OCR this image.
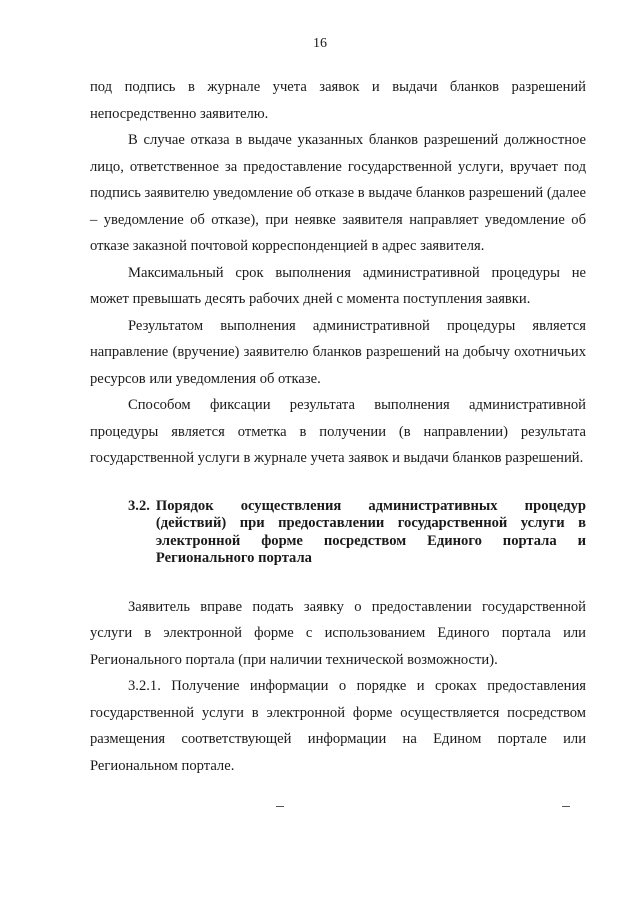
16

под подпись в журнале учета заявок и выдачи бланков разрешений непосредственно заявителю.

В случае отказа в выдаче указанных бланков разрешений должностное лицо, ответственное за предоставление государственной услуги, вручает под подпись заявителю уведомление об отказе в выдаче бланков разрешений (далее – уведомление об отказе), при неявке заявителя направляет уведомление об отказе заказной почтовой корреспонденцией в адрес заявителя.

Максимальный срок выполнения административной процедуры не может превышать десять рабочих дней с момента поступления заявки.

Результатом выполнения административной процедуры является направление (вручение) заявителю бланков разрешений на добычу охотничьих ресурсов или уведомления об отказе.

Способом фиксации результата выполнения административной процедуры является отметка в получении (в направлении) результата государственной услуги в журнале учета заявок и выдачи бланков разрешений.

3.2. Порядок осуществления административных процедур (действий) при предоставлении государственной услуги в электронной форме посредством Единого портала и Регионального портала

Заявитель вправе подать заявку о предоставлении государственной услуги в электронной форме с использованием Единого портала или Регионального портала (при наличии технической возможности).

3.2.1. Получение информации о порядке и сроках предоставления государственной услуги в электронной форме осуществляется посредством размещения соответствующей информации на Едином портале или Региональном портале.
